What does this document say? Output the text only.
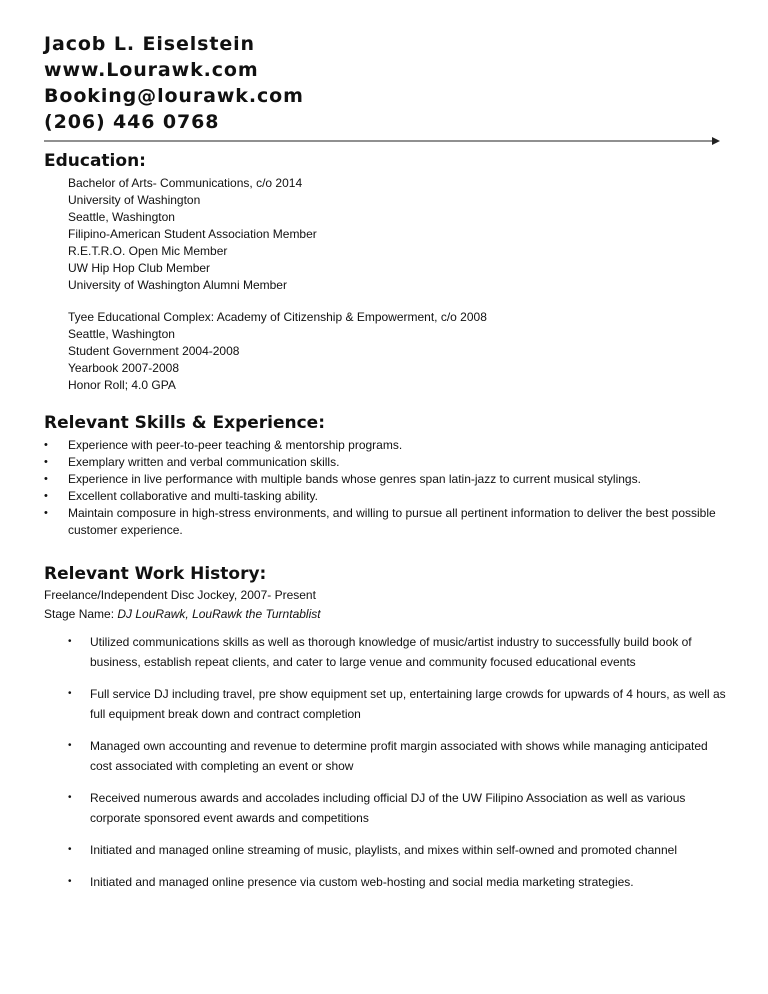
Jacob L. Eiselstein
www.Lourawk.com
Booking@lourawk.com
(206) 446 0768
Education:
Bachelor of Arts- Communications, c/o 2014
University of Washington
Seattle, Washington
Filipino-American Student Association Member
R.E.T.R.O. Open Mic Member
UW Hip Hop Club Member
University of Washington Alumni Member
Tyee Educational Complex: Academy of Citizenship & Empowerment, c/o 2008
Seattle, Washington
Student Government 2004-2008
Yearbook 2007-2008
Honor Roll; 4.0 GPA
Relevant Skills & Experience:
• Experience with peer-to-peer teaching & mentorship programs.
• Exemplary written and verbal communication skills.
• Experience in live performance with multiple bands whose genres span latin-jazz to current musical stylings.
• Excellent collaborative and multi-tasking ability.
• Maintain composure in high-stress environments, and willing to pursue all pertinent information to deliver the best possible customer experience.
Relevant Work History:
Freelance/Independent Disc Jockey, 2007- Present
Stage Name: DJ LouRawk, LouRawk the Turntablist
• Utilized communications skills as well as thorough knowledge of music/artist industry to successfully build book of business, establish repeat clients, and cater to large venue and community focused educational events
• Full service DJ including travel, pre show equipment set up, entertaining large crowds for upwards of 4 hours, as well as full equipment break down and contract completion
• Managed own accounting and revenue to determine profit margin associated with shows while managing anticipated cost associated with completing an event or show
• Received numerous awards and accolades including official DJ of the UW Filipino Association as well as various corporate sponsored event awards and competitions
• Initiated and managed online streaming of music, playlists, and mixes within self-owned and promoted channel
• Initiated and managed online presence via custom web-hosting and social media marketing strategies.
